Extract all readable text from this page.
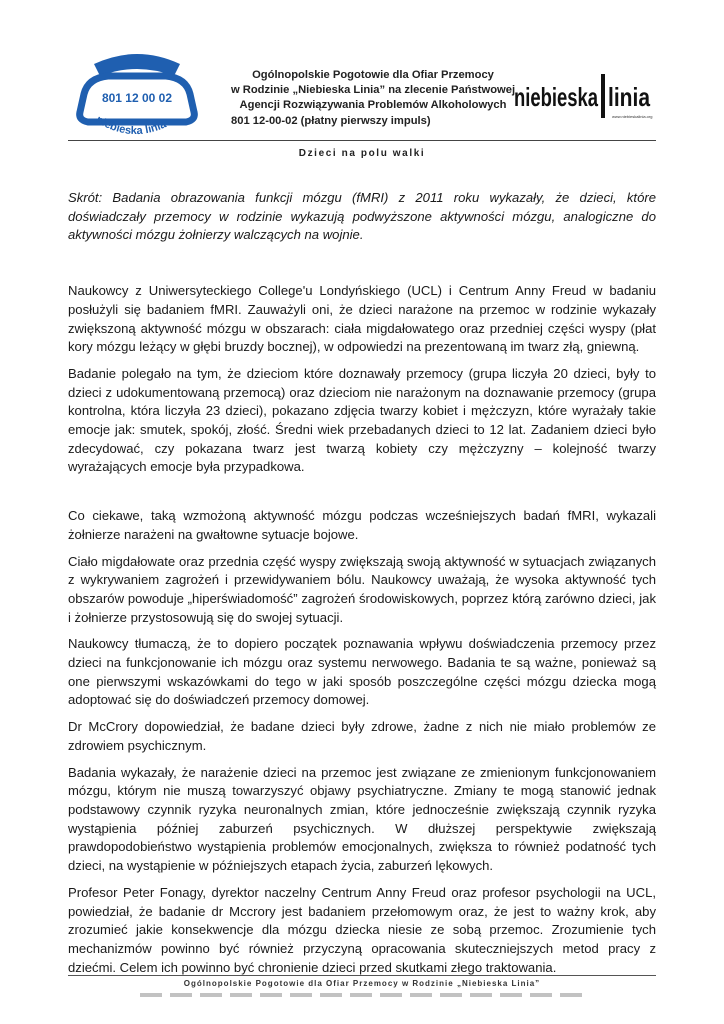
801 12 00 02
niebieska linia
Ogólnopolskie Pogotowie dla Ofiar Przemocy
w Rodzinie „Niebieska Linia” na zlecenie Państwowej
Agencji Rozwiązywania Problemów Alkoholowych
801 12-00-02 (płatny pierwszy impuls)
niebieska linia
www.niebieskalinia.org
Dzieci na polu walki

Skrót: Badania obrazowania funkcji mózgu (fMRI) z 2011 roku wykazały, że dzieci, które doświadczały przemocy w rodzinie wykazują podwyższone aktywności mózgu, analogiczne do aktywności mózgu żołnierzy walczących na wojnie.

Naukowcy z Uniwersyteckiego College'u Londyńskiego (UCL) i Centrum Anny Freud w badaniu posłużyli się badaniem fMRI. Zauważyli oni, że dzieci narażone na przemoc w rodzinie wykazały zwiększoną aktywność mózgu w obszarach: ciała migdałowatego oraz przedniej części wyspy (płat kory mózgu leżący w głębi bruzdy bocznej), w odpowiedzi na prezentowaną im twarz złą, gniewną.

Badanie polegało na tym, że dzieciom które doznawały przemocy (grupa liczyła 20 dzieci, były to dzieci z udokumentowaną przemocą) oraz dzieciom nie narażonym na doznawanie przemocy (grupa kontrolna, która liczyła 23 dzieci), pokazano zdjęcia twarzy kobiet i mężczyzn, które wyrażały takie emocje jak: smutek, spokój, złość. Średni wiek przebadanych dzieci to 12 lat. Zadaniem dzieci było zdecydować, czy pokazana twarz jest twarzą kobiety czy mężczyzny – kolejność twarzy wyrażających emocje była przypadkowa.

Co ciekawe, taką wzmożoną aktywność mózgu podczas wcześniejszych badań fMRI, wykazali żołnierze narażeni na gwałtowne sytuacje bojowe.

Ciało migdałowate oraz przednia część wyspy zwiększają swoją aktywność w sytuacjach związanych z wykrywaniem zagrożeń i przewidywaniem bólu. Naukowcy uważają, że wysoka aktywność tych obszarów powoduje „hiperświadomość” zagrożeń środowiskowych, poprzez którą zarówno dzieci, jak i żołnierze przystosowują się do swojej sytuacji.

Naukowcy tłumaczą, że to dopiero początek poznawania wpływu doświadczenia przemocy przez dzieci na funkcjonowanie ich mózgu oraz systemu nerwowego. Badania te są ważne, ponieważ są one pierwszymi wskazówkami do tego w jaki sposób poszczególne części mózgu dziecka mogą adoptować się do doświadczeń przemocy domowej.

Dr McCrory dopowiedział, że badane dzieci były zdrowe, żadne z nich nie miało problemów ze zdrowiem psychicznym.

Badania wykazały, że narażenie dzieci na przemoc jest związane ze zmienionym funkcjonowaniem mózgu, którym nie muszą towarzyszyć objawy psychiatryczne. Zmiany te mogą stanowić jednak podstawowy czynnik ryzyka neuronalnych zmian, które jednocześnie zwiększają czynnik ryzyka wystąpienia później zaburzeń psychicznych. W dłuższej perspektywie zwiększają prawdopodobieństwo wystąpienia problemów emocjonalnych, zwiększa to również podatność tych dzieci, na wystąpienie w późniejszych etapach życia, zaburzeń lękowych.

Profesor Peter Fonagy, dyrektor naczelny Centrum Anny Freud oraz profesor psychologii na UCL, powiedział, że badanie dr Mccrory jest badaniem przełomowym oraz, że jest to ważny krok, aby zrozumieć jakie konsekwencje dla mózgu dziecka niesie ze sobą przemoc. Zrozumienie tych mechanizmów powinno być również przyczyną opracowania skuteczniejszych metod pracy z dziećmi. Celem ich powinno być chronienie dzieci przed skutkami złego traktowania.

Ogólnopolskie Pogotowie dla Ofiar Przemocy w Rodzinie „Niebieska Linia”
